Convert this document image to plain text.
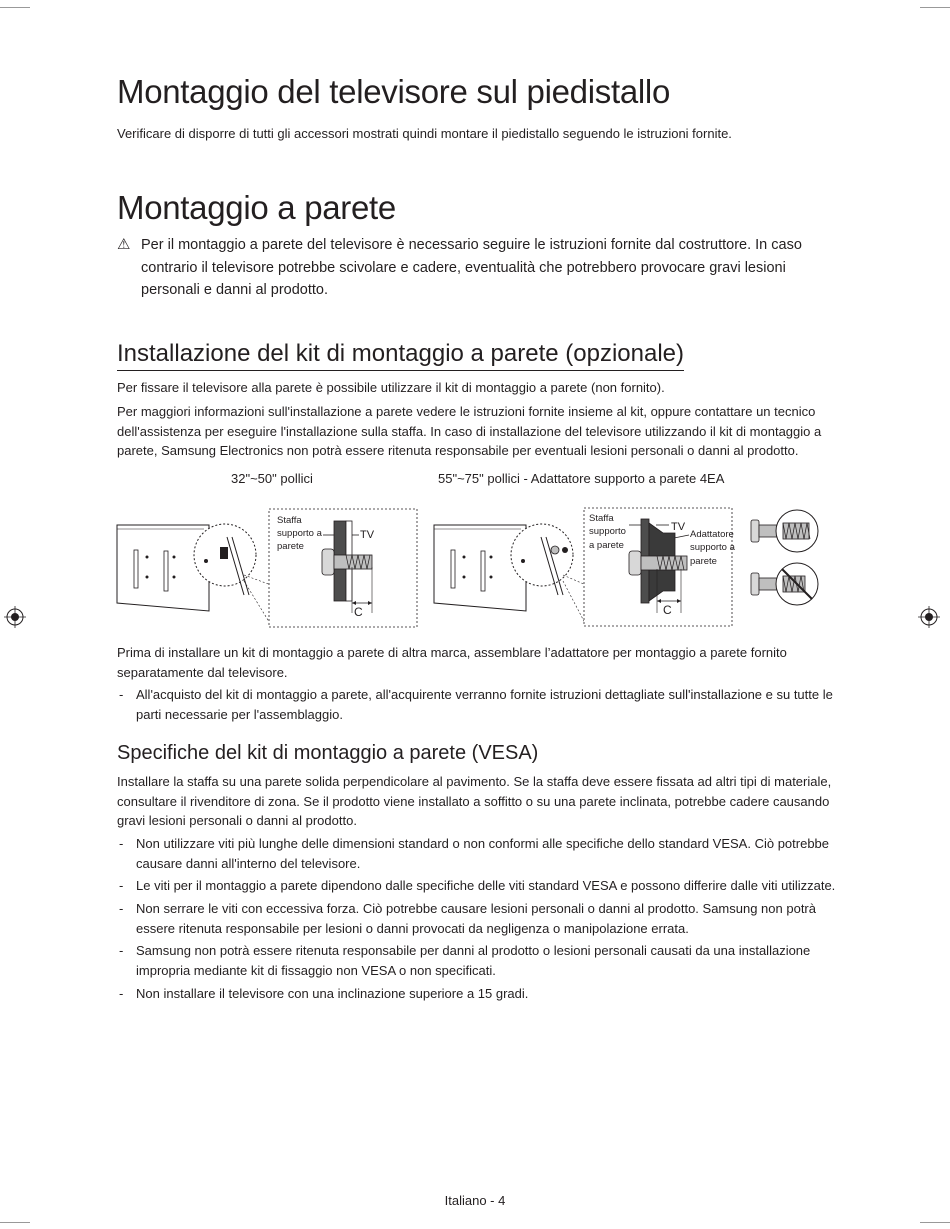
Montaggio del televisore sul piedistallo

Verificare di disporre di tutti gli accessori mostrati quindi montare il piedistallo seguendo le istruzioni fornite.

Montaggio a parete
⚠ Per il montaggio a parete del televisore è necessario seguire le istruzioni fornite dal costruttore. In caso contrario il televisore potrebbe scivolare e cadere, eventualità che potrebbero provocare gravi lesioni personali e danni al prodotto.
Installazione del kit di montaggio a parete (opzionale)

Per fissare il televisore alla parete è possibile utilizzare il kit di montaggio a parete (non fornito).

Per maggiori informazioni sull'installazione a parete vedere le istruzioni fornite insieme al kit, oppure contattare un tecnico dell'assistenza per eseguire l'installazione sulla staffa. In caso di installazione del televisore utilizzando il kit di montaggio a parete, Samsung Electronics non potrà essere ritenuta responsabile per eventuali lesioni personali o danni al prodotto.

32"~50" pollici	55"~75" pollici - Adattatore supporto a parete 4EA
Staffa
supporto a
parete
TV
C
Staffa
supporto
a parete
TV
Adattatore
supporto a
parete
C

Prima di installare un kit di montaggio a parete di altra marca, assemblare l’adattatore per montaggio a parete fornito separatamente dal televisore.

- All'acquisto del kit di montaggio a parete, all'acquirente verranno fornite istruzioni dettagliate sull'installazione e su tutte le parti necessarie per l'assemblaggio.
Specifiche del kit di montaggio a parete (VESA)

Installare la staffa su una parete solida perpendicolare al pavimento. Se la staffa deve essere fissata ad altri tipi di materiale, consultare il rivenditore di zona. Se il prodotto viene installato a soffitto o su una parete inclinata, potrebbe cadere causando gravi lesioni personali o danni al prodotto.

- Non utilizzare viti più lunghe delle dimensioni standard o non conformi alle specifiche dello standard VESA. Ciò potrebbe causare danni all'interno del televisore.
- Le viti per il montaggio a parete dipendono dalle specifiche delle viti standard VESA e possono differire dalle viti utilizzate.
- Non serrare le viti con eccessiva forza. Ciò potrebbe causare lesioni personali o danni al prodotto. Samsung non potrà essere ritenuta responsabile per lesioni o danni provocati da negligenza o manipolazione errata.
- Samsung non potrà essere ritenuta responsabile per danni al prodotto o lesioni personali causati da una installazione impropria mediante kit di fissaggio non VESA o non specificati.
- Non installare il televisore con una inclinazione superiore a 15 gradi.
Italiano - 4
